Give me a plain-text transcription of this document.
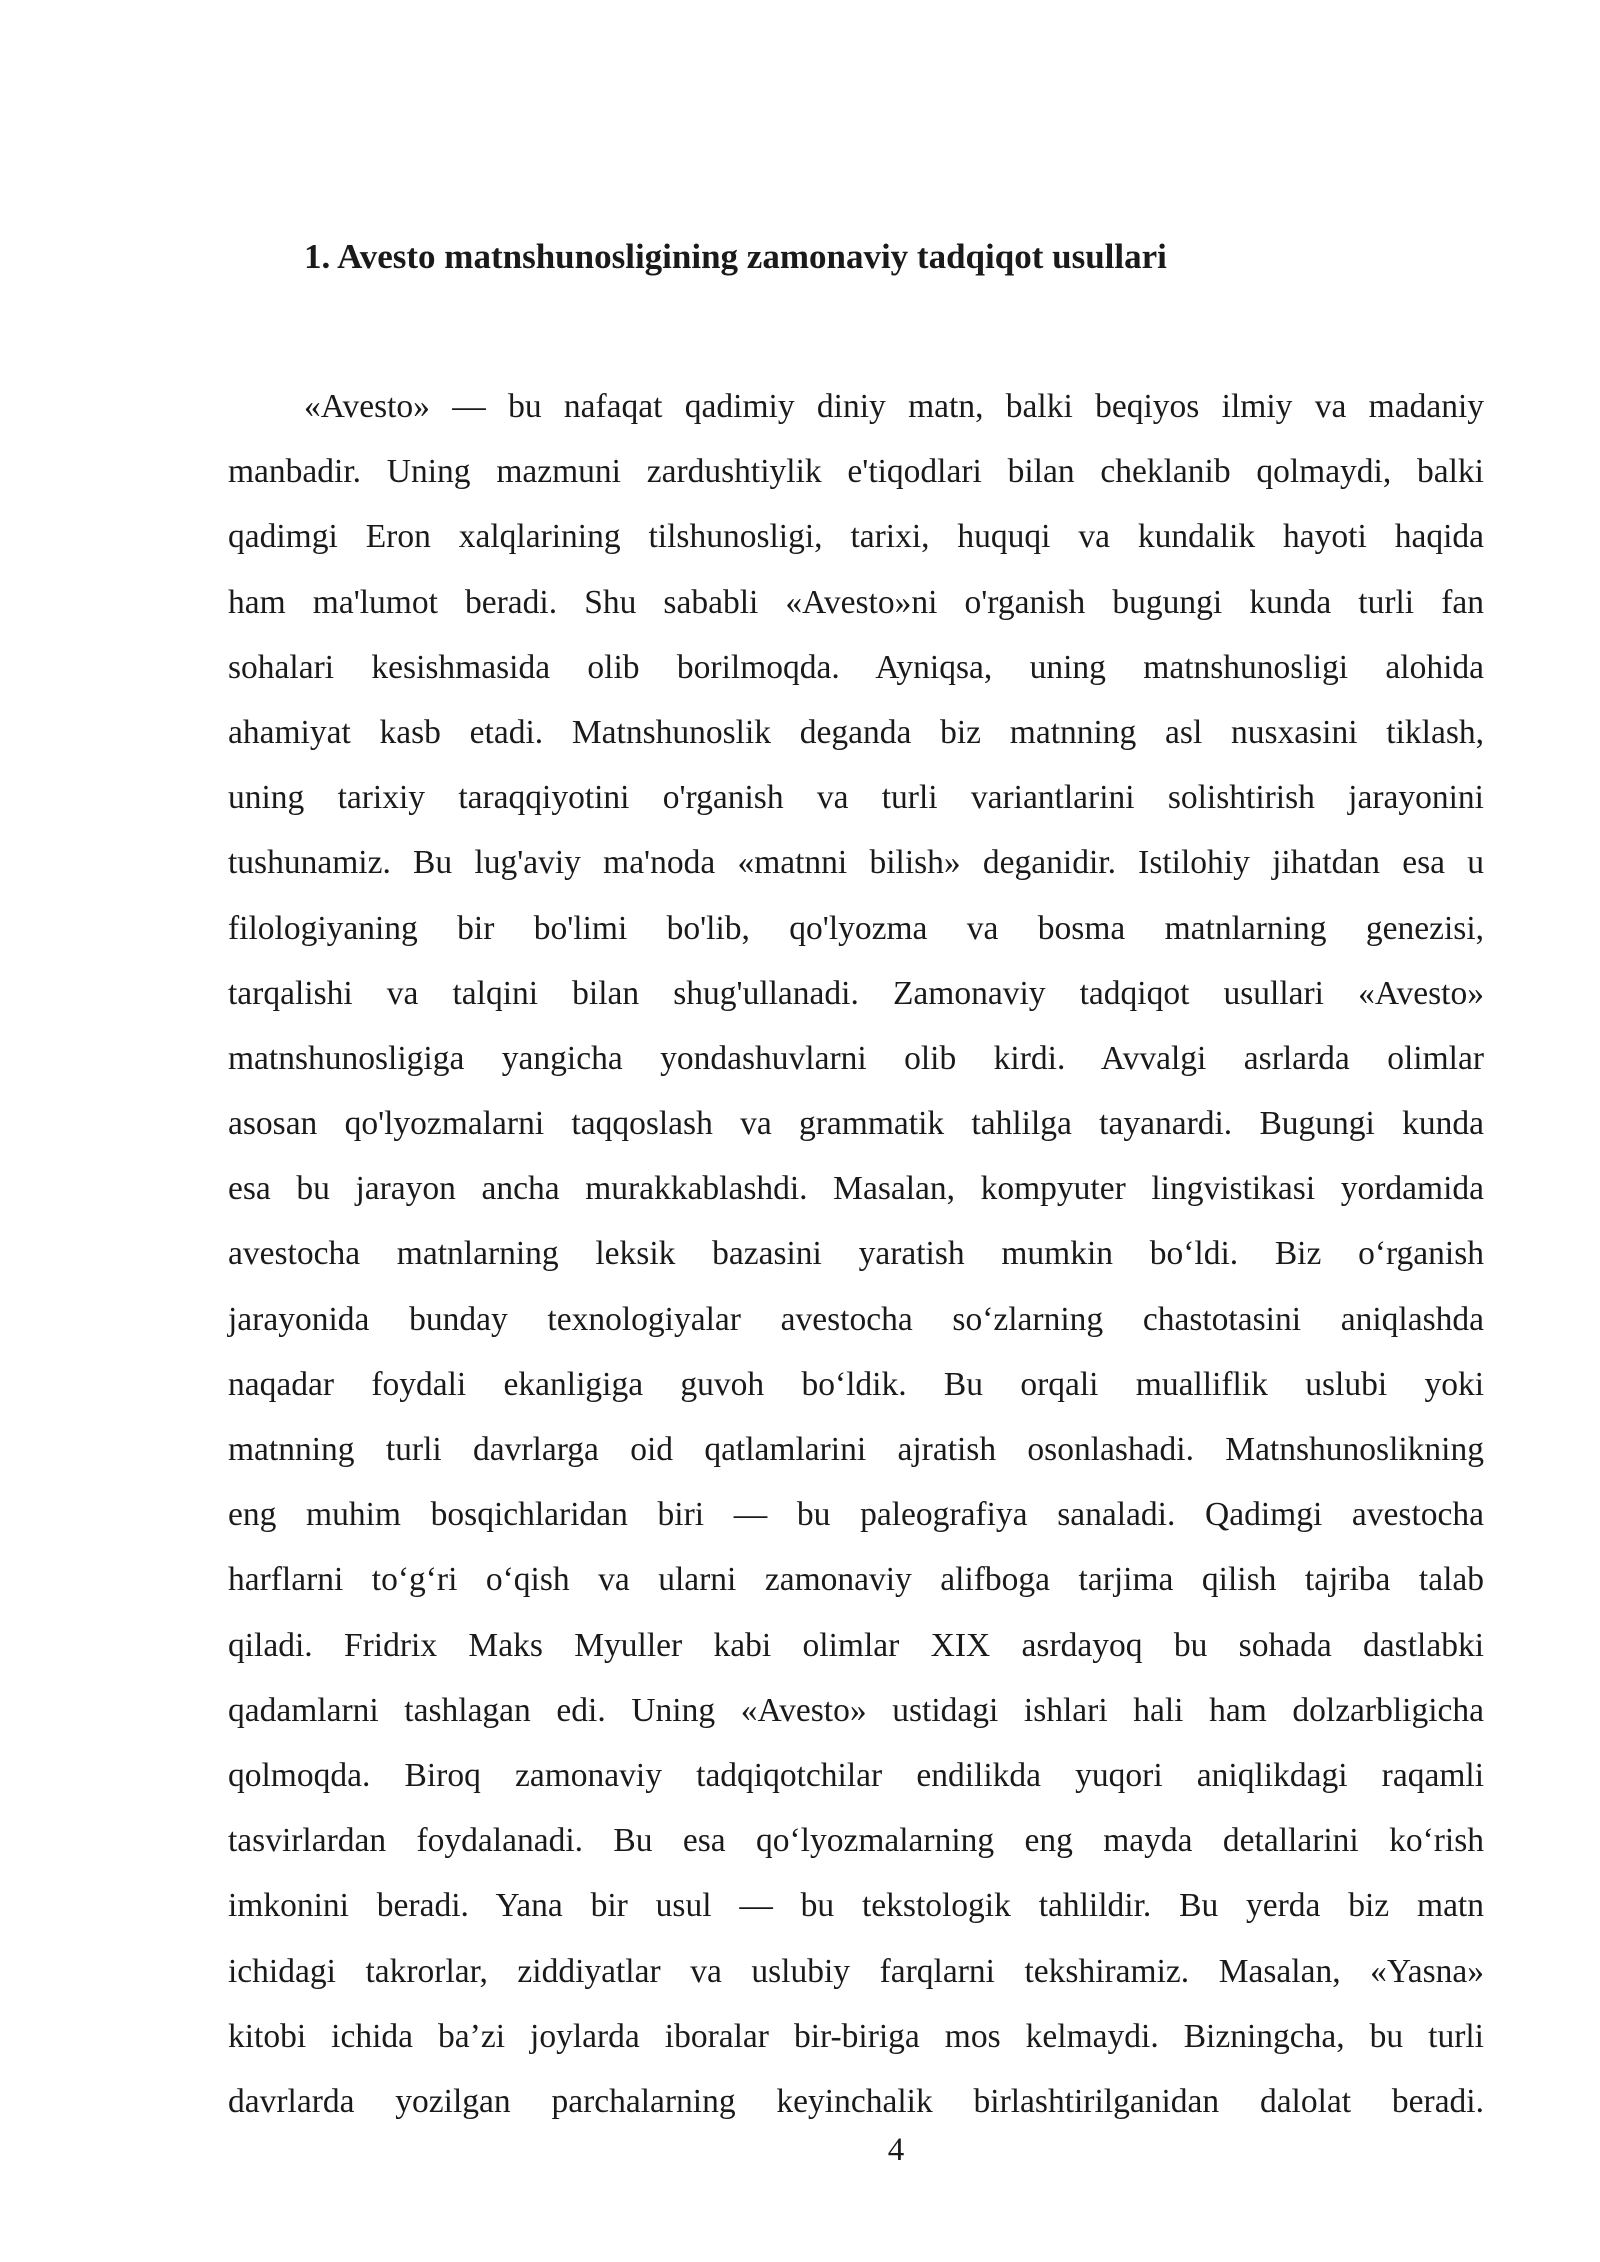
1. Avesto matnshunosligining zamonaviy tadqiqot usullari
«Avesto» — bu nafaqat qadimiy diniy matn, balki beqiyos ilmiy va madaniy
manbadir. Uning mazmuni zardushtiylik e'tiqodlari bilan cheklanib qolmaydi, balki
qadimgi Eron xalqlarining tilshunosligi, tarixi, huquqi va kundalik hayoti haqida
ham ma'lumot beradi. Shu sababli «Avesto»ni o'rganish bugungi kunda turli fan
sohalari kesishmasida olib borilmoqda. Ayniqsa, uning matnshunosligi alohida
ahamiyat kasb etadi. Matnshunoslik deganda biz matnning asl nusxasini tiklash,
uning tarixiy taraqqiyotini o'rganish va turli variantlarini solishtirish jarayonini
tushunamiz. Bu lug'aviy ma'noda «matnni bilish» deganidir. Istilohiy jihatdan esa u
filologiyaning bir bo'limi bo'lib, qo'lyozma va bosma matnlarning genezisi,
tarqalishi va talqini bilan shug'ullanadi. Zamonaviy tadqiqot usullari «Avesto»
matnshunosligiga yangicha yondashuvlarni olib kirdi. Avvalgi asrlarda olimlar
asosan qo'lyozmalarni taqqoslash va grammatik tahlilga tayanardi. Bugungi kunda
esa bu jarayon ancha murakkablashdi. Masalan, kompyuter lingvistikasi yordamida
avestocha matnlarning leksik bazasini yaratish mumkin bo‘ldi. Biz o‘rganish
jarayonida bunday texnologiyalar avestocha so‘zlarning chastotasini aniqlashda
naqadar foydali ekanligiga guvoh bo‘ldik. Bu orqali mualliflik uslubi yoki
matnning turli davrlarga oid qatlamlarini ajratish osonlashadi. Matnshunoslikning
eng muhim bosqichlaridan biri — bu paleografiya sanaladi. Qadimgi avestocha
harflarni to‘g‘ri o‘qish va ularni zamonaviy alifboga tarjima qilish tajriba talab
qiladi. Fridrix Maks Myuller kabi olimlar XIX asrdayoq bu sohada dastlabki
qadamlarni tashlagan edi. Uning «Avesto» ustidagi ishlari hali ham dolzarbligicha
qolmoqda. Biroq zamonaviy tadqiqotchilar endilikda yuqori aniqlikdagi raqamli
tasvirlardan foydalanadi. Bu esa qo‘lyozmalarning eng mayda detallarini ko‘rish
imkonini beradi. Yana bir usul — bu tekstologik tahlildir. Bu yerda biz matn
ichidagi takrorlar, ziddiyatlar va uslubiy farqlarni tekshiramiz. Masalan, «Yasna»
kitobi ichida ba’zi joylarda iboralar bir-biriga mos kelmaydi. Bizningcha, bu turli
davrlarda yozilgan parchalarning keyinchalik birlashtirilganidan dalolat beradi.
4
